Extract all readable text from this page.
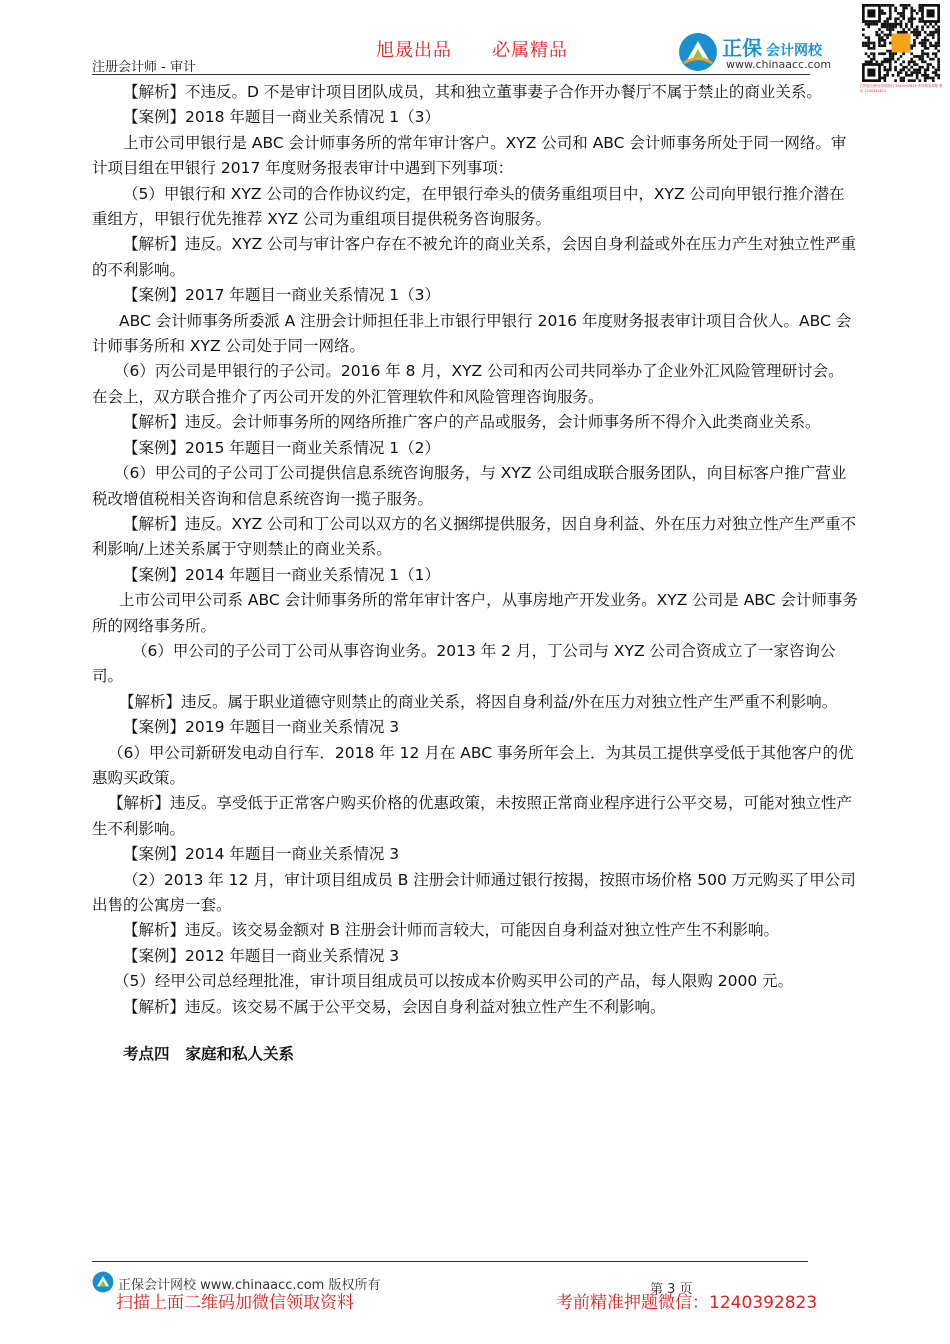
旭晟出品 必属精品
注册会计师 - 审计
正保 会计网校
www.chinaacc.com
扫码添加微信领取资料 1240392823 考前精准押题 微信 1240392823

【解析】不违反。D 不是审计项目团队成员，其和独立董事妻子合作开办餐厅不属于禁止的商业关系。

【案例】2018 年题目一商业关系情况 1（3）

上市公司甲银行是 ABC 会计师事务所的常年审计客户。XYZ 公司和 ABC 会计师事务所处于同一网络。审计项目组在甲银行 2017 年度财务报表审计中遇到下列事项：

（5）甲银行和 XYZ 公司的合作协议约定，在甲银行牵头的债务重组项目中，XYZ 公司向甲银行推介潜在重组方，甲银行优先推荐 XYZ 公司为重组项目提供税务咨询服务。

【解析】违反。XYZ 公司与审计客户存在不被允许的商业关系，会因自身利益或外在压力产生对独立性严重的不利影响。

【案例】2017 年题目一商业关系情况 1（3）

ABC 会计师事务所委派 A 注册会计师担任非上市银行甲银行 2016 年度财务报表审计项目合伙人。ABC 会计师事务所和 XYZ 公司处于同一网络。

（6）丙公司是甲银行的子公司。2016 年 8 月，XYZ 公司和丙公司共同举办了企业外汇风险管理研讨会。在会上，双方联合推介了丙公司开发的外汇管理软件和风险管理咨询服务。

【解析】违反。会计师事务所的网络所推广客户的产品或服务，会计师事务所不得介入此类商业关系。

【案例】2015 年题目一商业关系情况 1（2）

（6）甲公司的子公司丁公司提供信息系统咨询服务，与 XYZ 公司组成联合服务团队，向目标客户推广营业税改增值税相关咨询和信息系统咨询一揽子服务。

【解析】违反。XYZ 公司和丁公司以双方的名义捆绑提供服务，因自身利益、外在压力对独立性产生严重不利影响/上述关系属于守则禁止的商业关系。

【案例】2014 年题目一商业关系情况 1（1）

上市公司甲公司系 ABC 会计师事务所的常年审计客户，从事房地产开发业务。XYZ 公司是 ABC 会计师事务所的网络事务所。

（6）甲公司的子公司丁公司从事咨询业务。2013 年 2 月，丁公司与 XYZ 公司合资成立了一家咨询公司。

【解析】违反。属于职业道德守则禁止的商业关系，将因自身利益/外在压力对独立性产生严重不利影响。

【案例】2019 年题目一商业关系情况 3

（6）甲公司新研发电动自行车．2018 年 12 月在 ABC 事务所年会上．为其员工提供享受低于其他客户的优惠购买政策。

【解析】违反。享受低于正常客户购买价格的优惠政策，未按照正常商业程序进行公平交易，可能对独立性产生不利影响。

【案例】2014 年题目一商业关系情况 3

（2）2013 年 12 月，审计项目组成员 B 注册会计师通过银行按揭，按照市场价格 500 万元购买了甲公司出售的公寓房一套。

【解析】违反。该交易金额对 B 注册会计师而言较大，可能因自身利益对独立性产生不利影响。

【案例】2012 年题目一商业关系情况 3

（5）经甲公司总经理批准，审计项目组成员可以按成本价购买甲公司的产品，每人限购 2000 元。

【解析】违反。该交易不属于公平交易，会因自身利益对独立性产生不利影响。

考点四 家庭和私人关系

正保会计网校 www.chinaacc.com 版权所有	第 3 页
扫描上面二维码加微信领取资料	考前精准押题微信：1240392823
